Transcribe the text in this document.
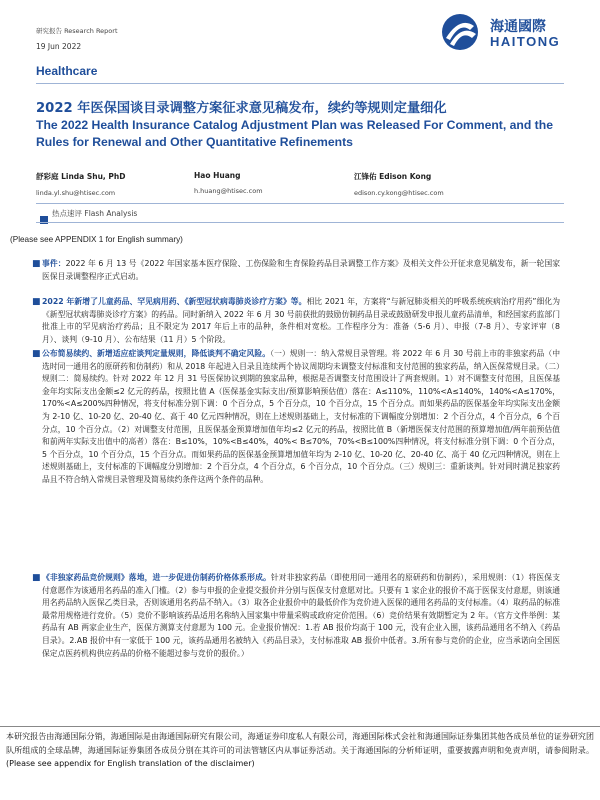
研究报告 Research Report
19 Jun 2022
海通國際
HAITONG
Healthcare
2022 年医保国谈目录调整方案征求意见稿发布，续约等规则定量细化
The 2022 Health Insurance Catalog Adjustment Plan was Released For Comment, and the Rules for Renewal and Other Quantitative Refinements
舒彩庭 Linda Shu, PhD
linda.yl.shu@htisec.com
Hao Huang
h.huang@htisec.com
江锋佑 Edison Kong
edison.cy.kong@htisec.com
热点速评 Flash Analysis
(Please see APPENDIX 1 for English summary)
■ 事件：2022 年 6 月 13 号《2022 年国家基本医疗保险、工伤保险和生育保险药品目录调整工作方案》及相关文件公开征求意见稿发布，新一轮国家医保目录调整程序正式启动。
■ 2022 年新增了儿童药品、罕见病用药、《新型冠状病毒肺炎诊疗方案》等。相比 2021 年，方案将“与新冠肺炎相关的呼吸系统疾病治疗用药”细化为《新型冠状病毒肺炎诊疗方案》的药品。同时新纳入 2022 年 6 月 30 号前获批的鼓励仿制药品目录或鼓励研发申报儿童药品清单，和经国家药监部门批准上市的罕见病治疗药品；且不限定为 2017 年后上市的品种，条件相对宽松。工作程序分为：准备（5-6 月）、申报（7-8 月）、专家评审（8 月）、谈判（9-10 月）、公布结果（11 月）5 个阶段。
■ 公布简易续约、新增适应症谈判定量规则，降低谈判不确定风险。（一）规则一：纳入常规目录管理。将 2022 年 6 月 30 号前上市的非独家药品（中选时同一通用名的原研药和仿制药）和从 2018 年起进入目录且连续两个协议周期均未调整支付标准和支付范围的独家药品，纳入医保常规目录。（二）规则二：简易续约。针对 2022 年 12 月 31 号医保协议到期的独家品种，根据是否调整支付范围设计了两套规则。1）对不调整支付范围，且医保基金年均实际支出金额≤2 亿元的药品，按照比值 A（医保基金实际支出/预算影响预估值）落在：A≤110%，110%<A≤140%，140%<A≤170%，170%<A≤200%四种情况，将支付标准分别下调：0 个百分点，5 个百分点，10 个百分点，15 个百分点。而如果药品的医保基金年均实际支出金额为 2-10 亿、10-20 亿、20-40 亿、高于 40 亿元四种情况，则在上述规则基础上，支付标准的下调幅度分别增加：2 个百分点，4 个百分点，6 个百分点，10 个百分点。（2）对调整支付范围，且医保基金预算增加值年均≤2 亿元的药品，按照比值 B（新增医保支付范围的预算增加值/两年前预估值和前两年实际支出值中的高者）落在：B≤10%，10%<B≤40%，40%< B≤70%，70%<B≤100%四种情况，将支付标准分别下调：0 个百分点，5 个百分点，10 个百分点，15 个百分点。而如果药品的医保基金预算增加值年均为 2-10 亿、10-20 亿、20-40 亿、高于 40 亿元四种情况，则在上述规则基础上，支付标准的下调幅度分别增加：2 个百分点，4 个百分点，6 个百分点，10 个百分点。（三）规则三：重新谈判。针对同时满足独家药品且不符合纳入常规目录管理及简易续约条件这两个条件的品种。
■ 《非独家药品竞价规则》落地，进一步促进仿制药价格体系形成。针对非独家药品（即使用同一通用名的原研药和仿制药），采用规则：（1）将医保支付意愿作为该通用名药品的准入门槛。（2）参与申报的企业提交报价并分别与医保支付意愿对比。只要有 1 家企业的报价不高于医保支付意愿，则该通用名药品纳入医保乙类目录，否则该通用名药品不纳入。（3）取各企业报价中的最低价作为竞价进入医保的通用名药品的支付标准。（4）取药品的标准最常用规格进行竞价。（5）竞价不影响该药品适用名称纳入国家集中带量采购或政府定价范围。（6）竞价结果有效期暂定为 2 年。（官方文件举例：某药品有 AB 两家企业生产，医保方测算支付意愿为 100 元。企业报价情况：1.若 AB 报价均高于 100 元，没有企业入围，该药品通用名不纳入《药品目录》。2.AB 报价中有一家低于 100 元，该药品通用名被纳入《药品目录》，支付标准取 AB 报价中低者。3.所有参与竞价的企业，应当承诺向全国医保定点医药机构供应药品的价格不能超过参与竞价的报价。）
本研究报告由海通国际分销，海通国际是由海通国际研究有限公司，海通证券印度私人有限公司，海通国际株式会社和海通国际证券集团其他各成员单位的证券研究团队所组成的全球品牌，海通国际证券集团各成员分别在其许可的司法管辖区内从事证券活动。关于海通国际的分析师证明，重要披露声明和免责声明，请参阅附录。(Please see appendix for English translation of the disclaimer)
